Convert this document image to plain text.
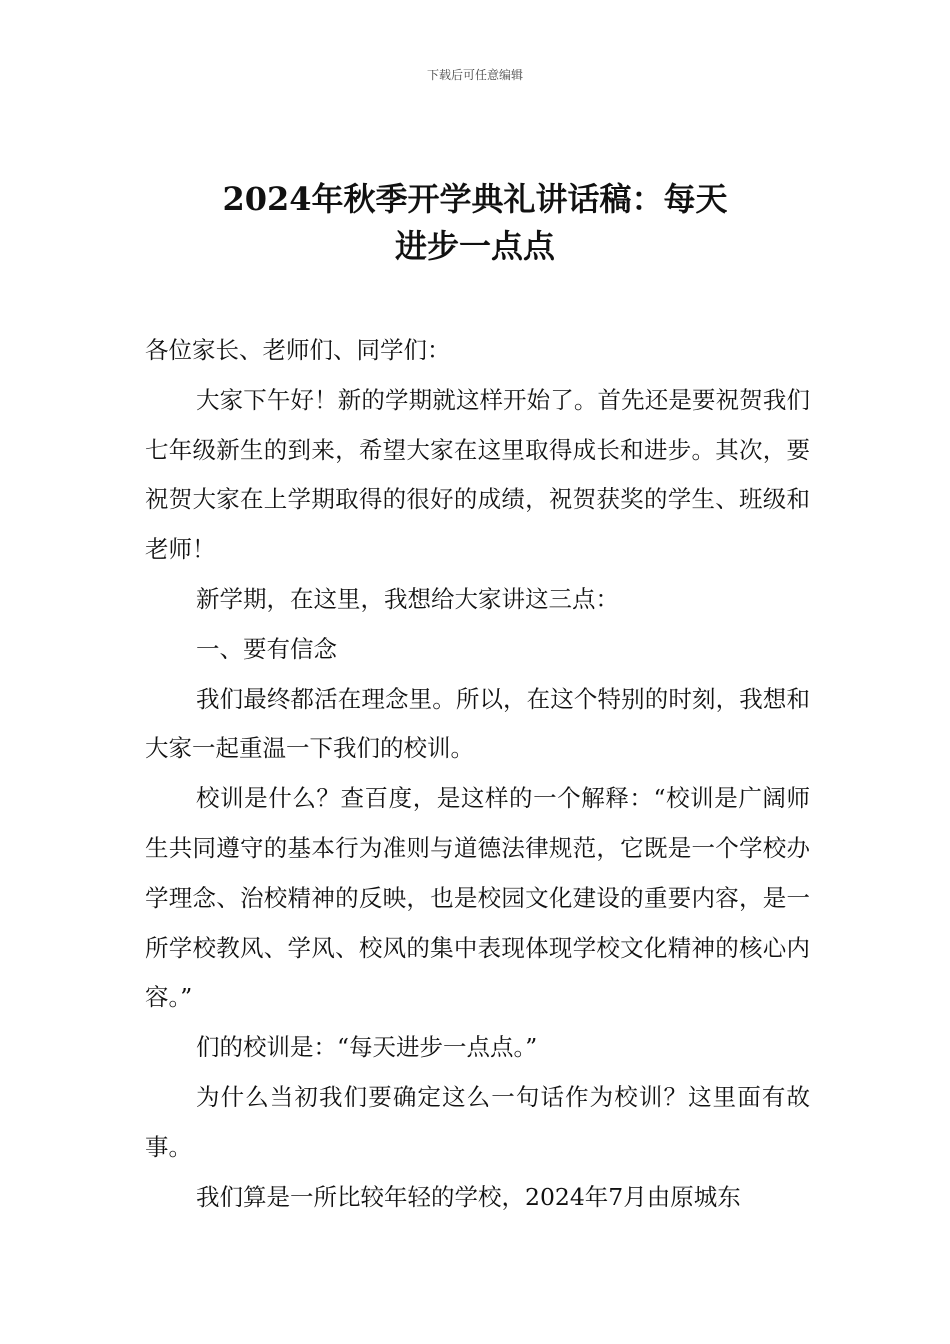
下载后可任意编辑
2024年秋季开学典礼讲话稿：每天
进步一点点

各位家长、老师们、同学们：

大家下午好！新的学期就这样开始了。首先还是要祝贺我们七年级新生的到来，希望大家在这里取得成长和进步。其次，要祝贺大家在上学期取得的很好的成绩，祝贺获奖的学生、班级和老师！

新学期，在这里，我想给大家讲这三点：

一、要有信念

我们最终都活在理念里。所以，在这个特别的时刻，我想和大家一起重温一下我们的校训。

校训是什么？查百度，是这样的一个解释：“校训是广阔师生共同遵守的基本行为准则与道德法律规范，它既是一个学校办学理念、治校精神的反映，也是校园文化建设的重要内容，是一所学校教风、学风、校风的集中表现体现学校文化精神的核心内容。”

们的校训是：“每天进步一点点。”

为什么当初我们要确定这么一句话作为校训？这里面有故事。

我们算是一所比较年轻的学校，2024年7月由原城东
